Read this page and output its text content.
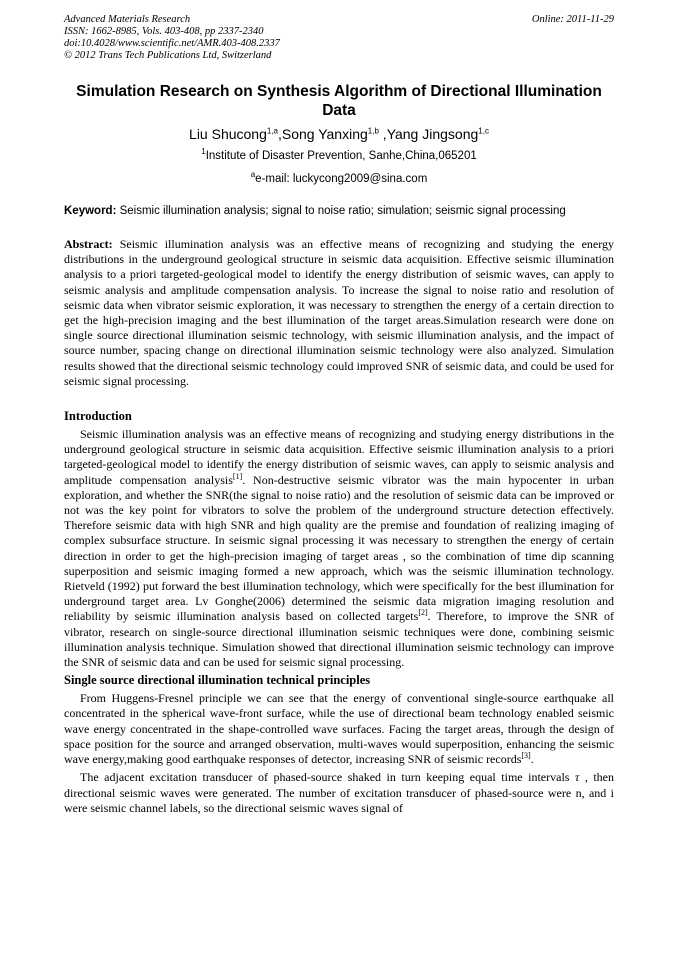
Advanced Materials Research
ISSN: 1662-8985, Vols. 403-408, pp 2337-2340
doi:10.4028/www.scientific.net/AMR.403-408.2337
© 2012 Trans Tech Publications Ltd, Switzerland
Online: 2011-11-29
Simulation Research on Synthesis Algorithm of Directional Illumination Data
Liu Shucong$^{1,a}$,Song Yanxing$^{1,b}$ ,Yang Jingsong$^{1,c}$
$^1$Institute of Disaster Prevention, Sanhe,China,065201
$^a$e-mail: luckycong2009@sina.com
Keyword: Seismic illumination analysis; signal to noise ratio; simulation; seismic signal processing
Abstract: Seismic illumination analysis was an effective means of recognizing and studying the energy distributions in the underground geological structure in seismic data acquisition. Effective seismic illumination analysis to a priori targeted-geological model to identify the energy distribution of seismic waves, can apply to seismic analysis and amplitude compensation analysis. To increase the signal to noise ratio and resolution of seismic data when vibrator seismic exploration, it was necessary to strengthen the energy of a certain direction to get the high-precision imaging and the best illumination of the target areas.Simulation research were done on single source directional illumination seismic technology, with seismic illumination analysis, and the impact of source number, spacing change on directional illumination seismic technology were also analyzed. Simulation results showed that the directional seismic technology could improved SNR of seismic data, and could be used for seismic signal processing.
Introduction

Seismic illumination analysis was an effective means of recognizing and studying energy distributions in the underground geological structure in seismic data acquisition. Effective seismic illumination analysis to a priori targeted-geological model to identify the energy distribution of seismic waves, can apply to seismic analysis and amplitude compensation analysis[1]. Non-destructive seismic vibrator was the main hypocenter in urban exploration, and whether the SNR(the signal to noise ratio) and the resolution of seismic data can be improved or not was the key point for vibrators to solve the problem of the underground structure detection effectively. Therefore seismic data with high SNR and high quality are the premise and foundation of realizing imaging of complex subsurface structure. In seismic signal processing it was necessary to strengthen the energy of certain direction in order to get the high-precision imaging of target areas , so the combination of time dip scanning superposition and seismic imaging formed a new approach, which was the seismic illumination technology. Rietveld (1992) put forward the best illumination technology, which were specifically for the best illumination for underground target area. Lv Gonghe(2006) determined the seismic data migration imaging resolution and reliability by seismic illumination analysis based on collected targets[2]. Therefore, to improve the SNR of vibrator, research on single-source directional illumination seismic techniques were done, combining seismic illumination analysis technique. Simulation showed that directional illumination seismic technology can improve the SNR of seismic data and can be used for seismic signal processing.

Single source directional illumination technical principles

From Huggens-Fresnel principle we can see that the energy of conventional single-source earthquake all concentrated in the spherical wave-front surface, while the use of directional beam technology enabled seismic wave energy concentrated in the shape-controlled wave surfaces. Facing the target areas, through the design of space position for the source and arranged observation, multi-waves would superposition, enhancing the seismic wave energy,making good earthquake responses of detector, increasing SNR of seismic records[3].

The adjacent excitation transducer of phased-source shaked in turn keeping equal time intervals τ , then directional seismic waves were generated. The number of excitation transducer of phased-source were n, and i were seismic channel labels, so the directional seismic waves signal of
